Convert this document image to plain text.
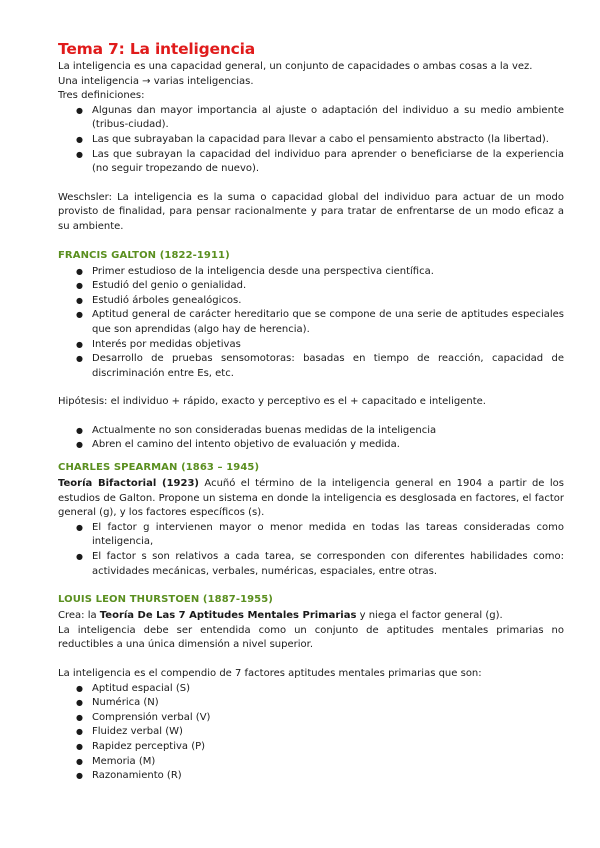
Tema 7: La inteligencia

La inteligencia es una capacidad general, un conjunto de capacidades o ambas cosas a la vez.

Una inteligencia → varias inteligencias.

Tres definiciones:

● Algunas dan mayor importancia al ajuste o adaptación del individuo a su medio ambiente (tribus-ciudad).
● Las que subrayaban la capacidad para llevar a cabo el pensamiento abstracto (la libertad).
● Las que subrayan la capacidad del individuo para aprender o beneficiarse de la experiencia (no seguir tropezando de nuevo).

Weschsler: La inteligencia es la suma o capacidad global del individuo para actuar de un modo provisto de finalidad, para pensar racionalmente y para tratar de enfrentarse de un modo eficaz a su ambiente.

FRANCIS GALTON (1822-1911)
● Primer estudioso de la inteligencia desde una perspectiva científica.
● Estudió del genio o genialidad.
● Estudió árboles genealógicos.
● Aptitud general de carácter hereditario que se compone de una serie de aptitudes especiales que son aprendidas (algo hay de herencia).
● Interés por medidas objetivas
● Desarrollo de pruebas sensomotoras: basadas en tiempo de reacción, capacidad de discriminación entre Es, etc.

Hipótesis: el individuo + rápido, exacto y perceptivo es el + capacitado e inteligente.

● Actualmente no son consideradas buenas medidas de la inteligencia
● Abren el camino del intento objetivo de evaluación y medida.
CHARLES SPEARMAN (1863 – 1945)

Teoría Bifactorial (1923) Acuñó el término de la inteligencia general en 1904 a partir de los estudios de Galton. Propone un sistema en donde la inteligencia es desglosada en factores, el factor general (g), y los factores específicos (s).

● El factor g intervienen mayor o menor medida en todas las tareas consideradas como inteligencia,
● El factor s son relativos a cada tarea, se corresponden con diferentes habilidades como: actividades mecánicas, verbales, numéricas, espaciales, entre otras.
LOUIS LEON THURSTOEN (1887-1955)

Crea: la Teoría De Las 7 Aptitudes Mentales Primarias y niega el factor general (g).

La inteligencia debe ser entendida como un conjunto de aptitudes mentales primarias no reductibles a una única dimensión a nivel superior.

La inteligencia es el compendio de 7 factores aptitudes mentales primarias que son:

● Aptitud espacial (S)
● Numérica (N)
● Comprensión verbal (V)
● Fluidez verbal (W)
● Rapidez perceptiva (P)
● Memoria (M)
● Razonamiento (R)
